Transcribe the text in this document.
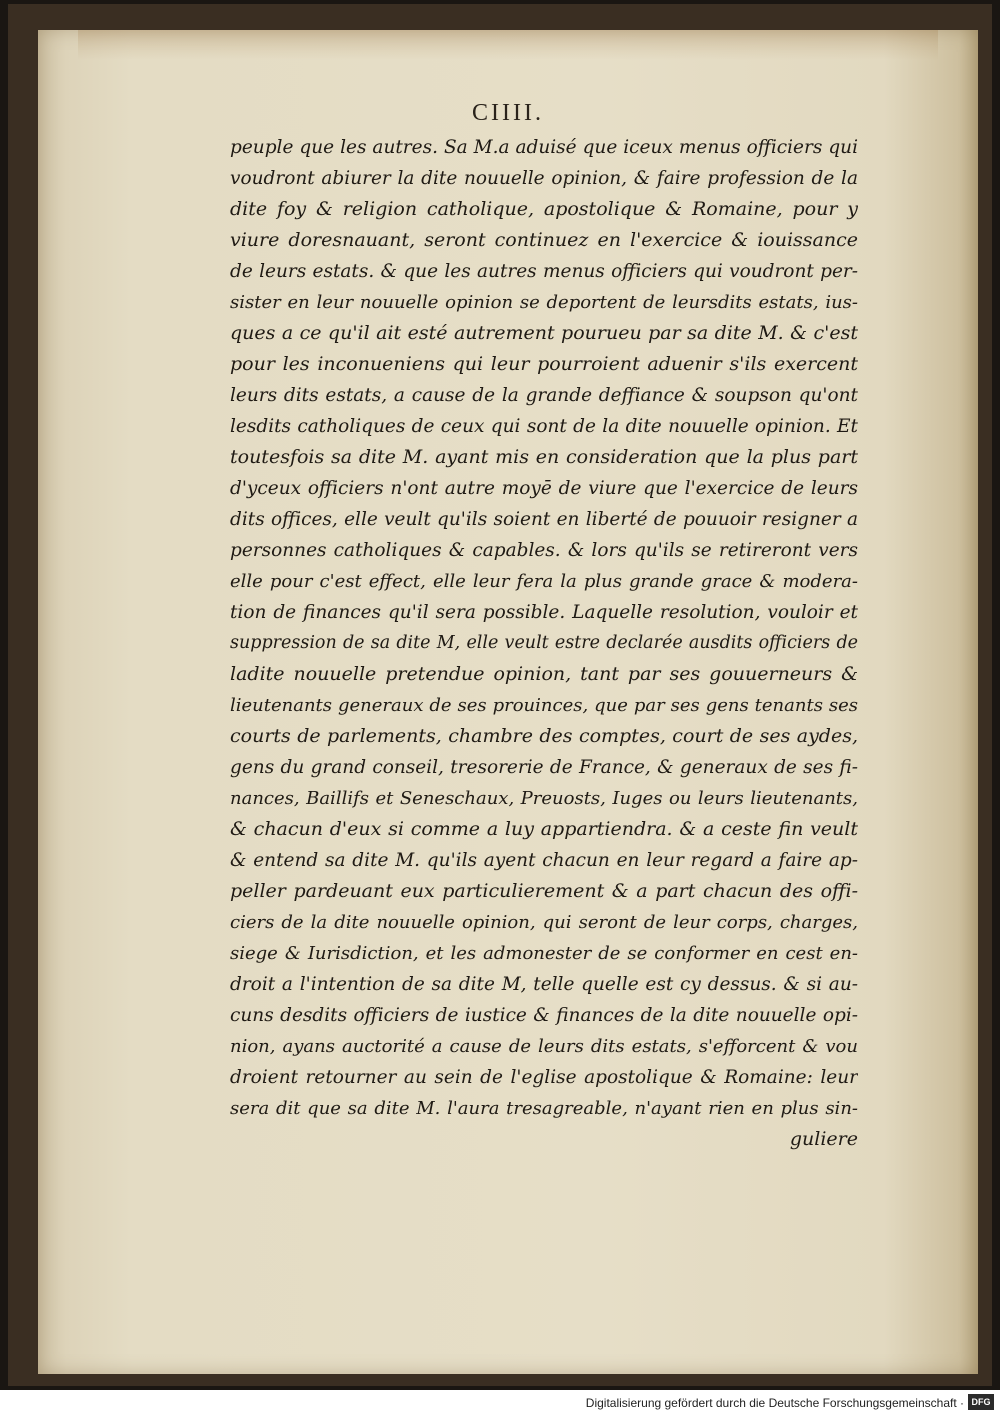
CIIII.
peuple que les autres. Sa M.a aduisé que iceux menus officiers qui
voudront abiurer la dite nouuelle opinion, & faire profession de la
dite foy & religion catholique, apostolique & Romaine, pour y
viure doresnauant, seront continuez en l'exercice & iouissance
de leurs estats. & que les autres menus officiers qui voudront per-
sister en leur nouuelle opinion se deportent de leursdits estats, ius-
ques a ce qu'il ait esté autrement pourueu par sa dite M. & c'est
pour les inconueniens qui leur pourroient aduenir s'ils exercent
leurs dits estats, a cause de la grande deffiance & soupson qu'ont
lesdits catholiques de ceux qui sont de la dite nouuelle opinion. Et
toutesfois sa dite M. ayant mis en consideration que la plus part
d'yceux officiers n'ont autre moyē de viure que l'exercice de leurs
dits offices, elle veult qu'ils soient en liberté de pouuoir resigner a
personnes catholiques & capables. & lors qu'ils se retireront vers
elle pour c'est effect, elle leur fera la plus grande grace & modera-
tion de finances qu'il sera possible. Laquelle resolution, vouloir et
suppression de sa dite M, elle veult estre declarée ausdits officiers de
ladite nouuelle pretendue opinion, tant par ses gouuerneurs &
lieutenants generaux de ses prouinces, que par ses gens tenants ses
courts de parlements, chambre des comptes, court de ses aydes,
gens du grand conseil, tresorerie de France, & generaux de ses fi-
nances, Baillifs et Seneschaux, Preuosts, Iuges ou leurs lieutenants,
& chacun d'eux si comme a luy appartiendra. & a ceste fin veult
& entend sa dite M. qu'ils ayent chacun en leur regard a faire ap-
peller pardeuant eux particulierement & a part chacun des offi-
ciers de la dite nouuelle opinion, qui seront de leur corps, charges,
siege & Iurisdiction, et les admonester de se conformer en cest en-
droit a l'intention de sa dite M, telle quelle est cy dessus. & si au-
cuns desdits officiers de iustice & finances de la dite nouuelle opi-
nion, ayans auctorité a cause de leurs dits estats, s'efforcent & vou
droient retourner au sein de l'eglise apostolique & Romaine: leur
sera dit que sa dite M. l'aura tresagreable, n'ayant rien en plus sin-
guliere
Digitalisierung gefördert durch die Deutsche Forschungsgemeinschaft · DFG
